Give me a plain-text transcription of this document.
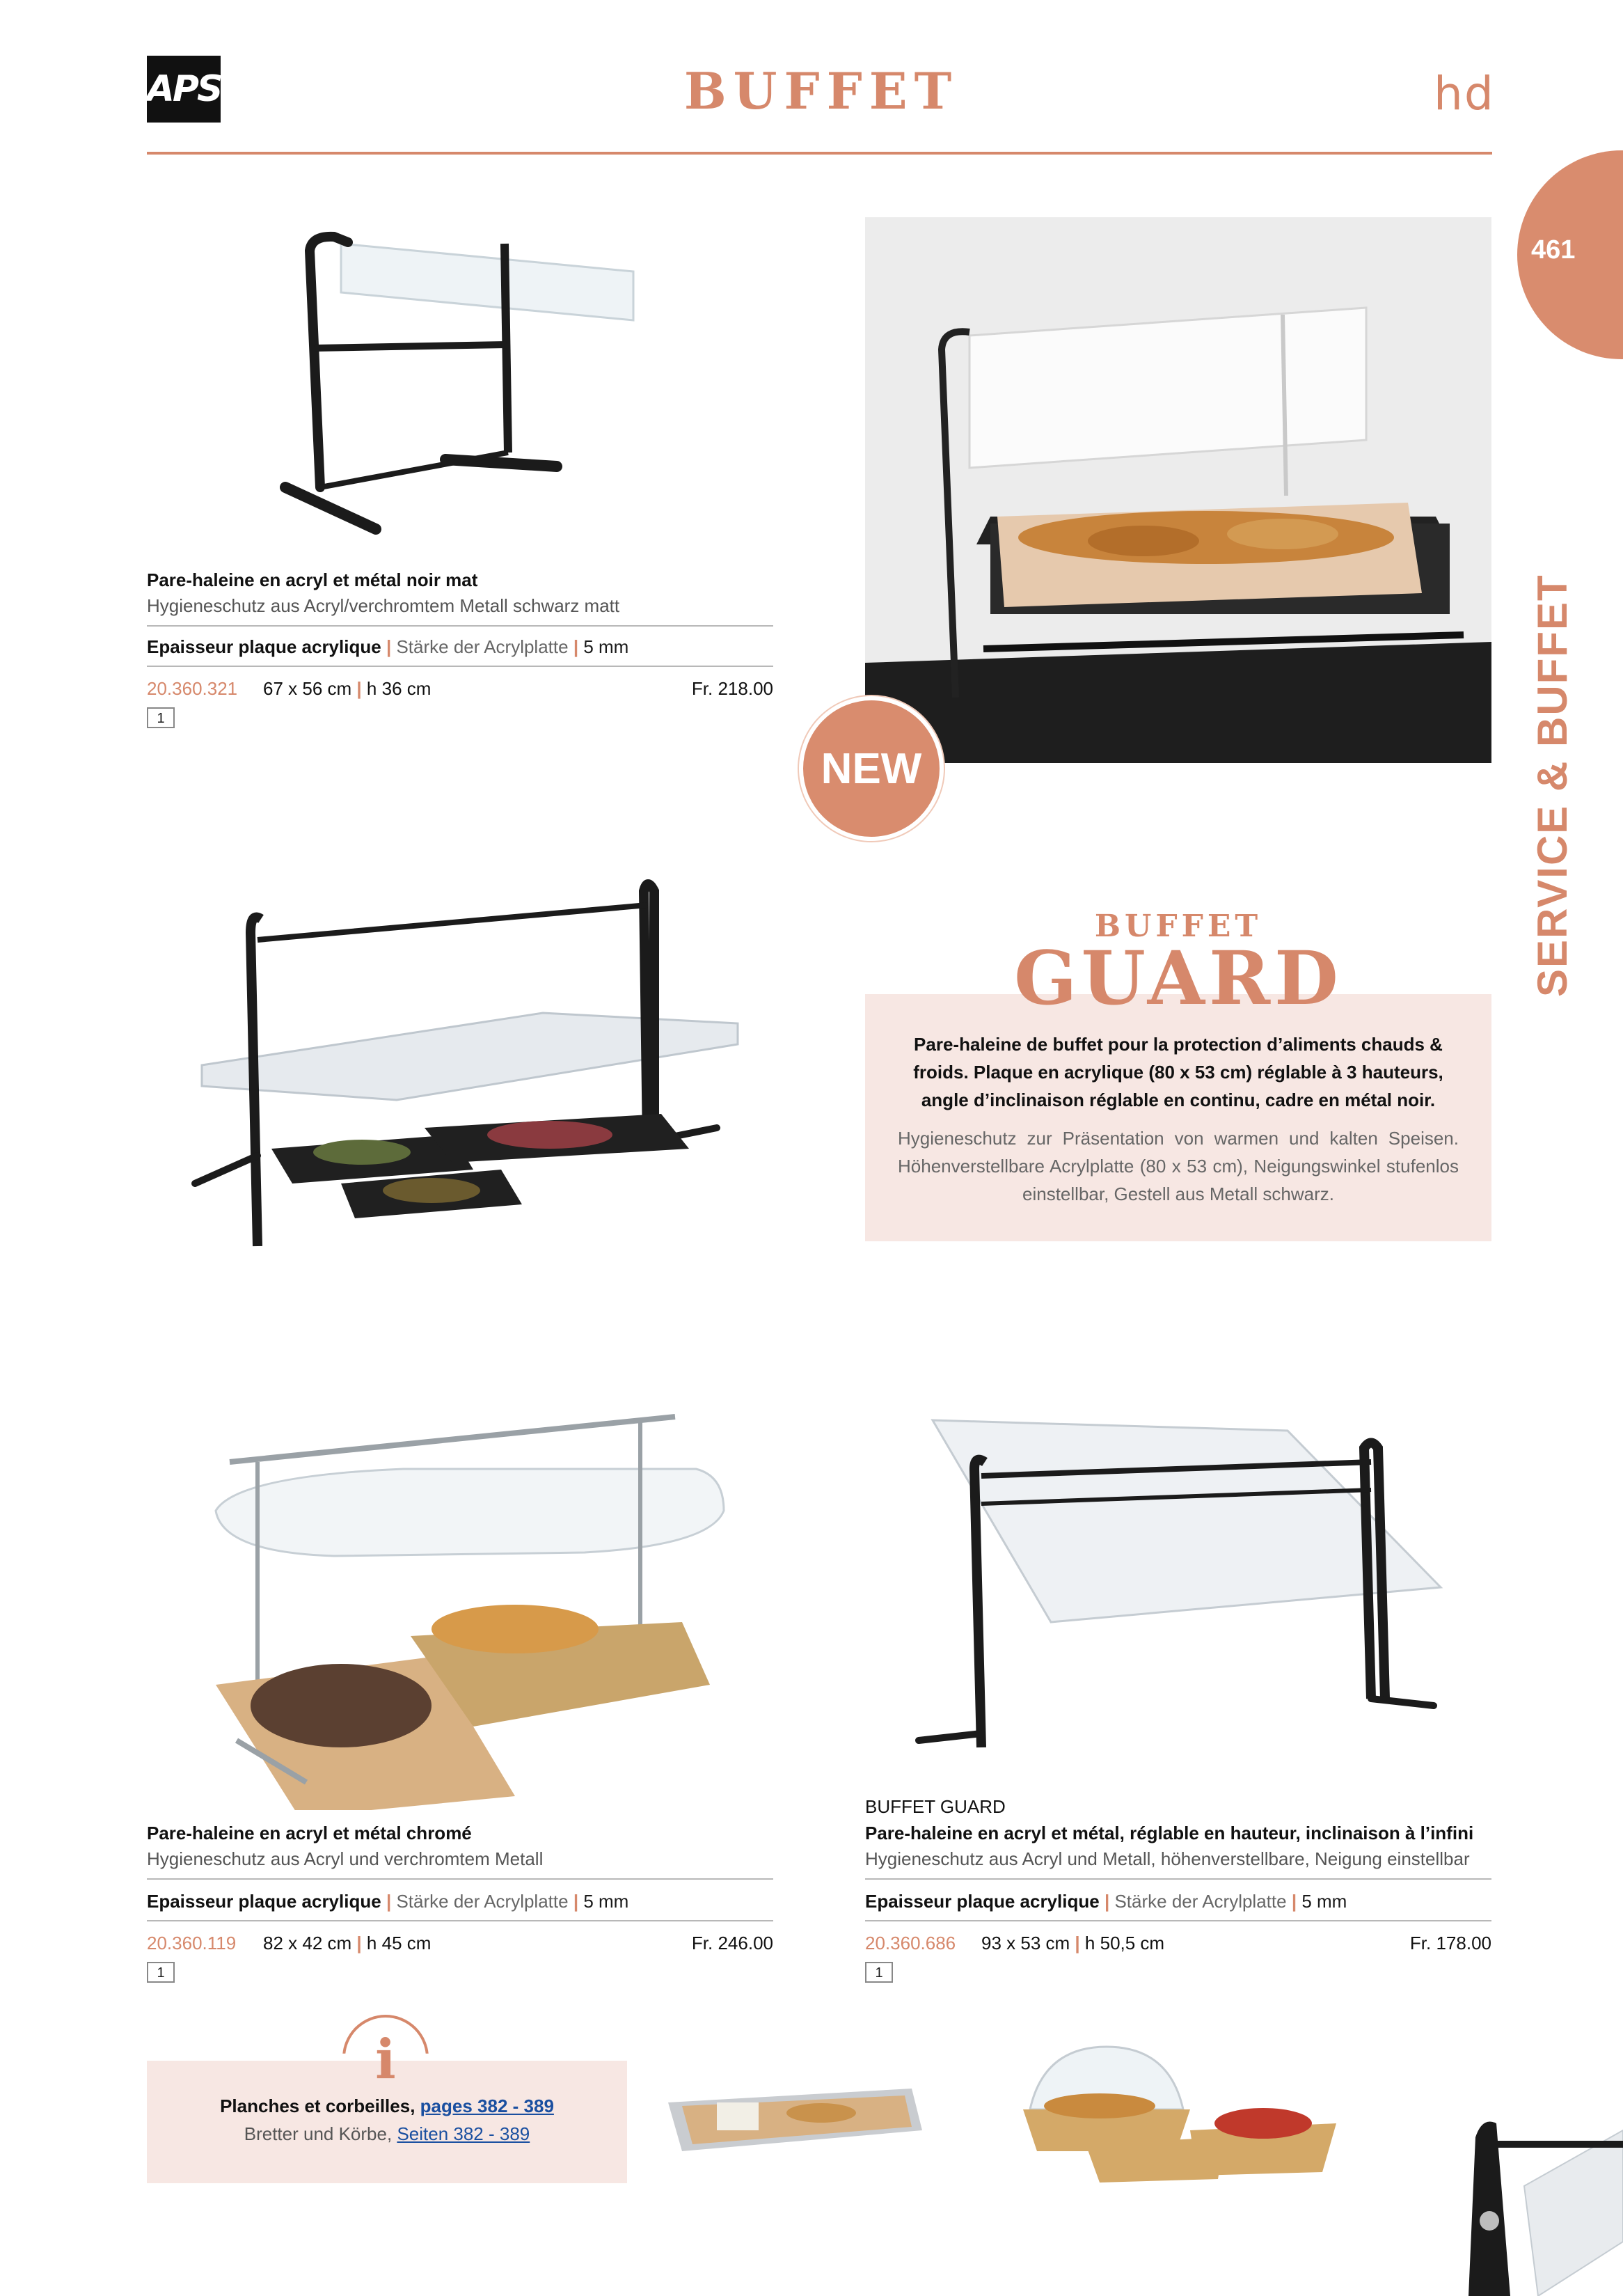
APS	BUFFET	hd
461
SERVICE & BUFFET
Pare-haleine en acryl et métal noir mat
Hygieneschutz aus Acryl/verchromtem Metall schwarz matt
Epaisseur plaque acrylique | Stärke der Acrylplatte | 5 mm
20.360.321 67 x 56 cm | h 36 cm	Fr. 218.00
1
NEW
BUFFET
GUARD
Pare-haleine de buffet pour la protection d’aliments chauds & froids. Plaque en acrylique (80 x 53 cm) réglable à 3 hauteurs, angle d’inclinaison réglable en continu, cadre en métal noir.
Hygieneschutz zur Präsentation von warmen und kalten Speisen. Höhenverstellbare Acrylplatte (80 x 53 cm), Neigungswinkel stufenlos einstellbar, Gestell aus Metall schwarz.
Pare-haleine en acryl et métal chromé
Hygieneschutz aus Acryl und verchromtem Metall
Epaisseur plaque acrylique | Stärke der Acrylplatte | 5 mm
20.360.119 82 x 42 cm | h 45 cm	Fr. 246.00
1
BUFFET GUARD
Pare-haleine en acryl et métal, réglable en hauteur, inclinaison à l’infini
Hygieneschutz aus Acryl und Metall, höhenverstellbare, Neigung einstellbar
Epaisseur plaque acrylique | Stärke der Acrylplatte | 5 mm
20.360.686 93 x 53 cm | h 50,5 cm	Fr. 178.00
1
i
Planches et corbeilles, pages 382 - 389
Bretter und Körbe, Seiten 382 - 389
